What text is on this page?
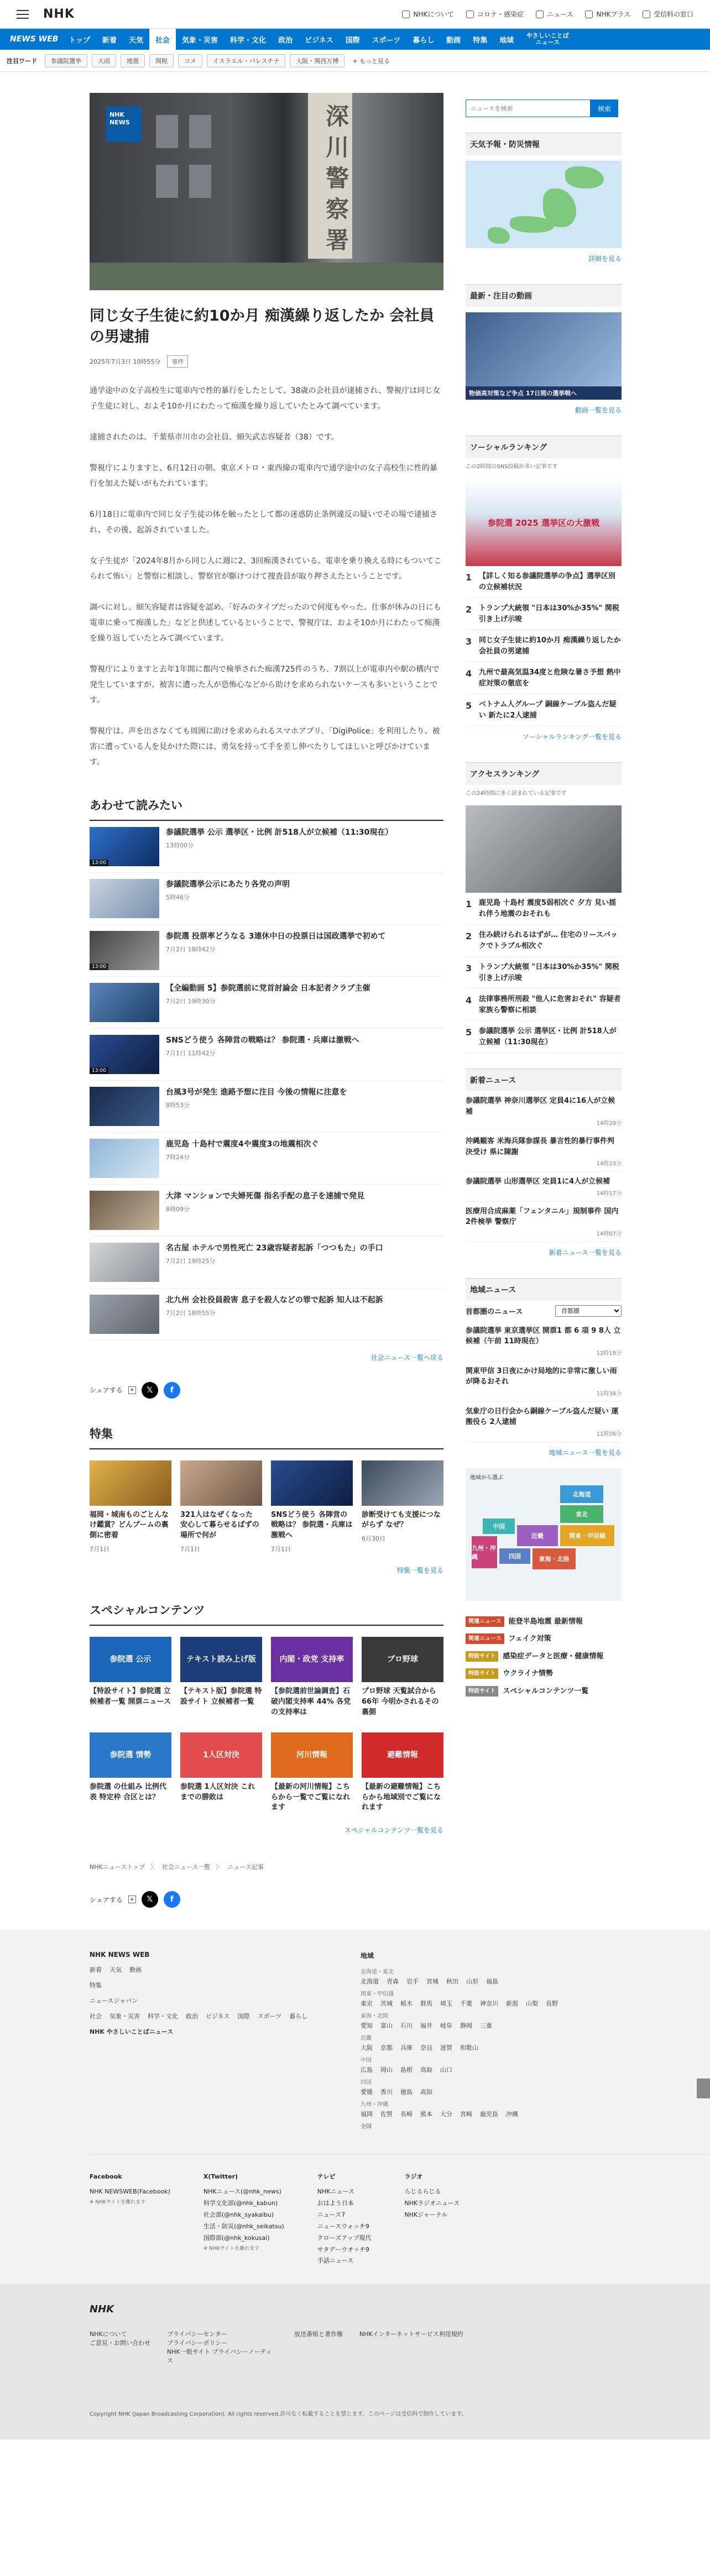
NHK	NHKについて	コロナ・感染症	ニュース	NHKプラス	受信料の窓口
NEWS WEB	トップ	新着	天気	社会	気象・災害	科学・文化	政治	ビジネス	国際	スポーツ	暮らし	動画	特集	地域
やさしいことば ニュース
注目ワード	参議院選挙	大雨	地震	関税	コメ	イスラエル・パレスチナ	大阪・関西万博	+ もっと見る
NHK NEWS	深川警察署
同じ女子生徒に約10か月 痴漢繰り返したか 会社員の男逮捕
2025年7月3日 10時55分	事件

通学途中の女子高校生に電車内で性的暴行をしたとして、38歳の会社員が逮捕され、警視庁は同じ女子生徒に対し、およそ10か月にわたって痴漢を繰り返していたとみて調べています。

逮捕されたのは、千葉県市川市の会社員、細矢武志容疑者（38）です。

警視庁によりますと、6月12日の朝、東京メトロ・東西線の電車内で通学途中の女子高校生に性的暴行を加えた疑いがもたれています。

6月18日に電車内で同じ女子生徒の体を触ったとして都の迷惑防止条例違反の疑いでその場で逮捕され、その後、起訴されていました。

女子生徒が「2024年8月から同じ人に週に2、3回痴漢されている。電車を乗り換える時にもついてこられて怖い」と警察に相談し、警察官が駆けつけて捜査員が取り押さえたということです。

調べに対し、細矢容疑者は容疑を認め、「好みのタイプだったので何度もやった。仕事が休みの日にも電車に乗って痴漢した」などと供述しているということで、警視庁は、およそ10か月にわたって痴漢を繰り返していたとみて調べています。

警視庁によりますと去年1年間に都内で検挙された痴漢725件のうち、7割以上が電車内や駅の構内で発生していますが、被害に遭った人が恐怖心などから助けを求められないケースも多いということです。

警視庁は、声を出さなくても周囲に助けを求められるスマホアプリ、「DigiPolice」を利用したり、被害に遭っている人を見かけた際には、勇気を持って手を差し伸べたりしてほしいと呼びかけています。

あわせて読みたい
13:00
参議院選挙 公示 選挙区・比例 計518人が立候補（11:30現在）
13時00分
参議院選挙公示にあたり各党の声明
5時46分
13:00
参院選 投票率どうなる 3連休中日の投票日は国政選挙で初めて
7月2日 18時42分
【全編動画 5】参院選前に党首討論会 日本記者クラブ主催
7月2日 19時30分
13:00
SNSどう使う 各陣営の戦略は？ 参院選・兵庫は激戦へ
7月1日 11時42分
台風3号が発生 進路予想に注目 今後の情報に注意を
8時53分
鹿児島 十島村で震度4や震度3の地震相次ぐ
7時24分
大津 マンションで夫婦死傷 指名手配の息子を速捕で発見
8時09分
名古屋 ホテルで男性死亡 23歳容疑者起訴「つつもた」の手口
7月2日 19時25分
北九州 会社役員殺害 息子を殺人などの罪で起訴 知人は不起訴
7月2日 18時55分
社会ニュース一覧へ戻る
シェアする +	𝕏	f
特集
福岡・城南ものごとんなけ鑑賞？どんブームの裏側に密着
7月1日
321人はなぜくなった 安心して暮らせるばずの場所で何が
7月1日
SNSどう使う 各陣営の戦略は？ 参院選・兵庫は激戦へ
7月1日
診断受けても支援につながらず なぜ？
6月30日
特集一覧を見る
スペシャルコンテンツ
参院選 公示
【特設サイト】参院選 立候補者一覧 開票ニュース
テキスト読み上げ版
【テキスト版】参院選 特設サイト 立候補者一覧
内閣・政党 支持率
【参院選前世論調査】石破内閣支持率 44% 各党の支持率は
プロ野球
プロ野球 天覧試合から66年 今明かされるその裏側
参院選 情勢
参院選 の仕組み 比例代表 特定枠 合区とは？
1人区対決
参院選 1人区対決 これまでの勝敗は
河川情報
【最新の河川情報】こちらから一覧でご覧になれます
避難情報
【最新の避難情報】こちらから地域別でご覧になれます
スペシャルコンテンツ一覧を見る
NHKニューストップ 〉 社会ニュース一覧 〉 ニュース記事
シェアする +	𝕏	f
ニュースを検索
検索
天気予報・防災情報
詳細を見る
最新・注目の動画
物価高対策など争点 17日間の選挙戦へ
動画一覧を見る
ソーシャルランキング
この2時間のSNS投稿が多い記事です
参院選 2025 選挙区の大激戦
1 【詳しく知る参議院選挙の争点】選挙区別の立候補状況
2 トランプ大統領 "日本は30%か35%" 関税引き上げ示唆
3 同じ女子生徒に約10か月 痴漢繰り返したか 会社員の男逮捕
4 九州で最高気温34度と危険な暑さ予想 熱中症対策の徹底を
5 ベトナム人グループ 銅線ケーブル盗んだ疑い 新たに2人逮捕
ソーシャルランキング一覧を見る
アクセスランキング
この24時間に多く読まれている記事です
1 鹿児島 十島村 震度5弱相次ぐ 夕方 見い揺れ伴う地震のおそれも
2 住み続けられるはずが… 住宅のリースバックでトラブル相次ぐ
3 トランプ大統領 "日本は30%か35%" 関税引き上げ示唆
4 法律事務所刑殺 "他人に危害おそれ" 容疑者家族ら警察に相談
5 参議院選挙 公示 選挙区・比例 計518人が立候補（11:30現在）
新着ニュース
参議院選挙 神奈川選挙区 定員4に16人が立候補
14時29分
沖縄観客 米海兵隊参謀長 暴言性的暴行事件判決受け 県に陳謝
14時23分
参議院選挙 山形選挙区 定員1に4人が立候補
14時17分
医療用合成麻薬「フェンタニル」規制事件 国内2件検挙 警察庁
14時07分
新着ニュース一覧を見る
地域ニュース
首都圏のニュース
首都圏
参議院選挙 東京選挙区 開票1 都 6 項 9 8人 立候補（午前 11時現在）
12時18分
関東甲信 3日夜にかけ局地的に非常に激しい雨が降るおそれ
11時38分
気象庁の日行会から銅線ケーブル盗んだ疑い 運搬役ら 2人逮捕
11時26分
地域ニュース一覧を見る
地域から選ぶ
北海道
東北
関東・甲信越
東海・北陸
近畿
中国
四国
九州・沖縄
関連ニュース	能登半島地震 最新情報
関連ニュース	フェイク対策
特設サイト	感染症データと医療・健康情報
特設サイト	ウクライナ情勢
特設サイト	スペシャルコンテンツ一覧
NHK NEWS WEB
新着 天気 動画
特集
ニュースジャパン
社会 気象・災害 科学・文化 政治 ビジネス 国際 スポーツ 暮らし
NHK やさしいことばニュース
地域
北海道・東北
北海道 青森 岩手 宮城 秋田 山形 福島
関東・甲信越
東京 茨城 栃木 群馬 埼玉 千葉 神奈川 新潟 山梨 長野
東海・北陸
愛知 富山 石川 福井 岐阜 静岡 三重
近畿
大阪 京都 兵庫 奈良 滋賀 和歌山
中国
広島 岡山 島根 鳥取 山口
四国
愛媛 香川 徳島 高知
九州・沖縄
福岡 佐賀 長崎 熊本 大分 宮崎 鹿児島 沖縄
全国
Facebook
NHK NEWSWEB(Facebook)
※ NHKサイトを離れます
X(Twitter)
NHKニュース(@nhk_news)
科学文化部(@nhk_kabun)
社会部(@nhk_syakaibu)
生活・防災(@nhk_seikatsu)
国際部(@nhk_kokusai)
※ NHKサイトを離れます
テレビ
NHKニュース
おはよう日本
ニュース7
ニュースウォッチ9
クローズアップ現代
サタデーウオッチ9
手話ニュース
ラジオ
らじるらじる
NHKラジオニュース
NHKジャーナル
NHK
NHKについて
ご意見・お問い合わせ
プライバシーセンター
プライバシーポリシー
NHK一般サイト プライバシーノーティス
放送番組と著作権	NHKインターネットサービス利用規約
Copyright NHK (Japan Broadcasting Corporation). All rights reserved.許可なく転載することを禁じます。このページは受信料で制作しています。
